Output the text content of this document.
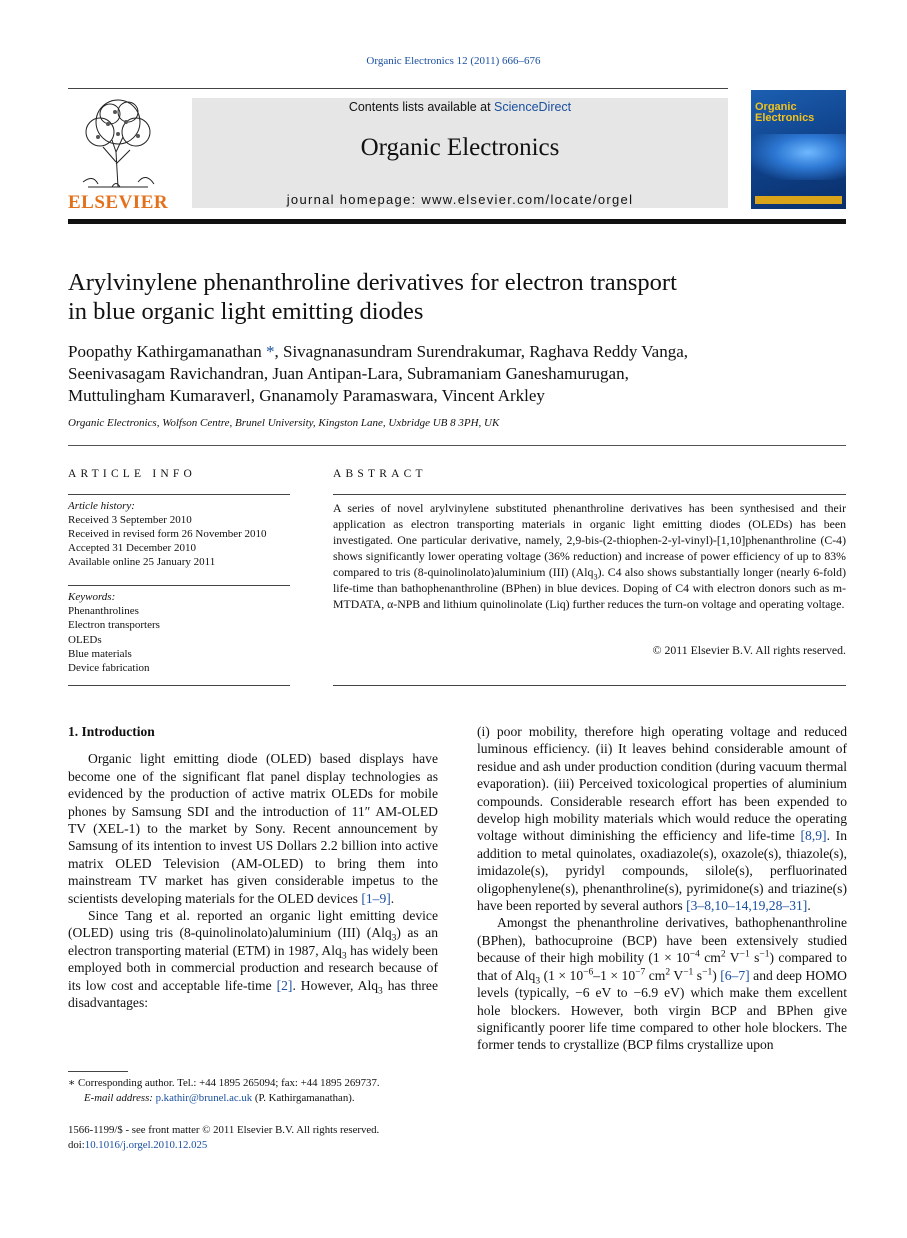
Organic Electronics 12 (2011) 666–676
ELSEVIER
Contents lists available at ScienceDirect
Organic Electronics
journal homepage: www.elsevier.com/locate/orgel
Organic
Electronics
Arylvinylene phenanthroline derivatives for electron transport
in blue organic light emitting diodes
Poopathy Kathirgamanathan *, Sivagnanasundram Surendrakumar, Raghava Reddy Vanga,
Seenivasagam Ravichandran, Juan Antipan-Lara, Subramaniam Ganeshamurugan,
Muttulingham Kumaraverl, Gnanamoly Paramaswara, Vincent Arkley
Organic Electronics, Wolfson Centre, Brunel University, Kingston Lane, Uxbridge UB 8 3PH, UK
ARTICLE INFO	ABSTRACT
Article history:
Received 3 September 2010
Received in revised form 26 November 2010
Accepted 31 December 2010
Available online 25 January 2011
Keywords:
Phenanthrolines
Electron transporters
OLEDs
Blue materials
Device fabrication
A series of novel arylvinylene substituted phenanthroline derivatives has been synthesised and their application as electron transporting materials in organic light emitting diodes (OLEDs) has been investigated. One particular derivative, namely, 2,9-bis-(2-thiophen-2-yl-vinyl)-[1,10]phenanthroline (C-4) shows significantly lower operating voltage (36% reduction) and increase of power efficiency of up to 83% compared to tris (8-quinolinolato)aluminium (III) (Alq$_3$). C4 also shows substantially longer (nearly 6-fold) life-time than bathophenanthroline (BPhen) in blue devices. Doping of C4 with electron donors such as m-MTDATA, α-NPB and lithium quinolinolate (Liq) further reduces the turn-on voltage and operating voltage.
© 2011 Elsevier B.V. All rights reserved.
1. Introduction

Organic light emitting diode (OLED) based displays have become one of the significant flat panel display technologies as evidenced by the production of active matrix OLEDs for mobile phones by Samsung SDI and the introduction of 11″ AM-OLED TV (XEL-1) to the market by Sony. Recent announcement by Samsung of its intention to invest US Dollars 2.2 billion into active matrix OLED Television (AM-OLED) to bring them into mainstream TV market has given considerable impetus to the scientists developing materials for the OLED devices [1–9].

Since Tang et al. reported an organic light emitting device (OLED) using tris (8-quinolinolato)aluminium (III) (Alq$_3$) as an electron transporting material (ETM) in 1987, Alq$_3$ has widely been employed both in commercial production and research because of its low cost and acceptable life-time [2]. However, Alq$_3$ has three disadvantages:

(i) poor mobility, therefore high operating voltage and reduced luminous efficiency. (ii) It leaves behind considerable amount of residue and ash under production condition (during vacuum thermal evaporation). (iii) Perceived toxicological properties of aluminium compounds. Considerable research effort has been expended to develop high mobility materials which would reduce the operating voltage without diminishing the efficiency and life-time [8,9]. In addition to metal quinolates, oxadiazole(s), oxazole(s), thiazole(s), imidazole(s), pyridyl compounds, silole(s), perfluorinated oligophenylene(s), phenanthroline(s), pyrimidone(s) and triazine(s) have been reported by several authors [3–8,10–14,19,28–31].

Amongst the phenanthroline derivatives, bathophenanthroline (BPhen), bathocuproine (BCP) have been extensively studied because of their high mobility ($1 \times 10^{-4}$ $cm^2$ $V^{-1}$ $s^{-1}$) compared to that of Alq$_3$ ($1 \times 10^{-6}-1 \times 10^{-7}$ $cm^2$ $V^{-1}$ $s^{-1}$) [6–7] and deep HOMO levels (typically, −6 eV to −6.9 eV) which make them excellent hole blockers. However, both virgin BCP and BPhen give significantly poorer life time compared to other hole blockers. The former tends to crystallize (BCP films crystallize upon

∗ Corresponding author. Tel.: +44 1895 265094; fax: +44 1895 269737.
E-mail address: p.kathir@brunel.ac.uk (P. Kathirgamanathan).
1566-1199/$ - see front matter © 2011 Elsevier B.V. All rights reserved.
doi:10.1016/j.orgel.2010.12.025
